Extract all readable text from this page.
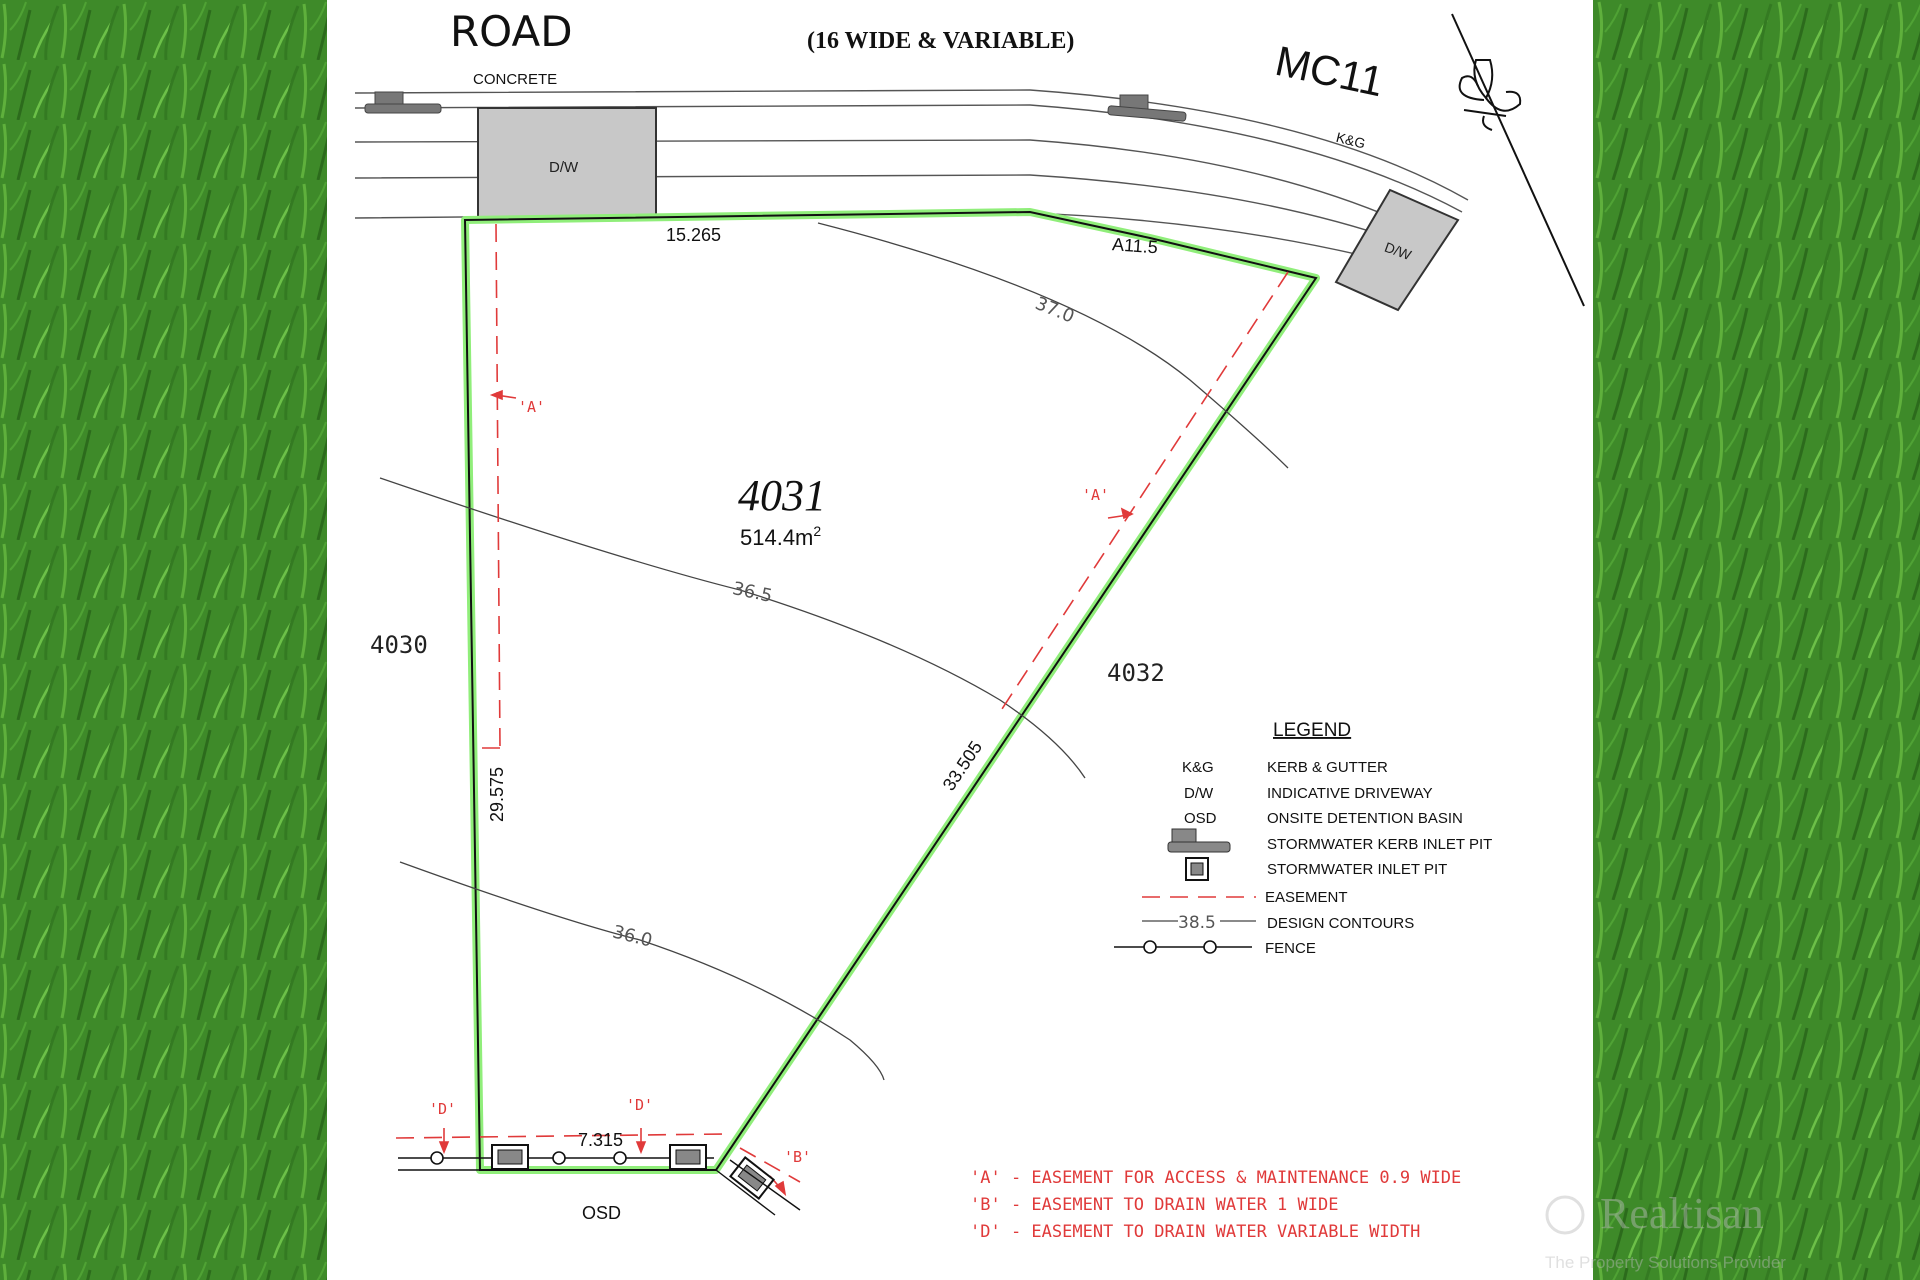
ROAD	(16 WIDE & VARIABLE)	MC11
CONCRETE
K&G
D/W
D/W
4031
$514.4m^2$
4030
4032
15.265	A11.5
29.575
33.505
7.315
37.0
36.5
36.0
'A'
'A'
'D'	'D'
'B'
OSD
LEGEND
K&G	KERB & GUTTER
D/W	INDICATIVE DRIVEWAY
OSD	ONSITE DETENTION BASIN
STORMWATER KERB INLET PIT
STORMWATER INLET PIT
EASEMENT
38.5	DESIGN CONTOURS
FENCE
'A' - EASEMENT FOR ACCESS & MAINTENANCE 0.9 WIDE
'B' - EASEMENT TO DRAIN WATER 1 WIDE
'D' - EASEMENT TO DRAIN WATER VARIABLE WIDTH	Realtisan
The Property Solutions Provider
